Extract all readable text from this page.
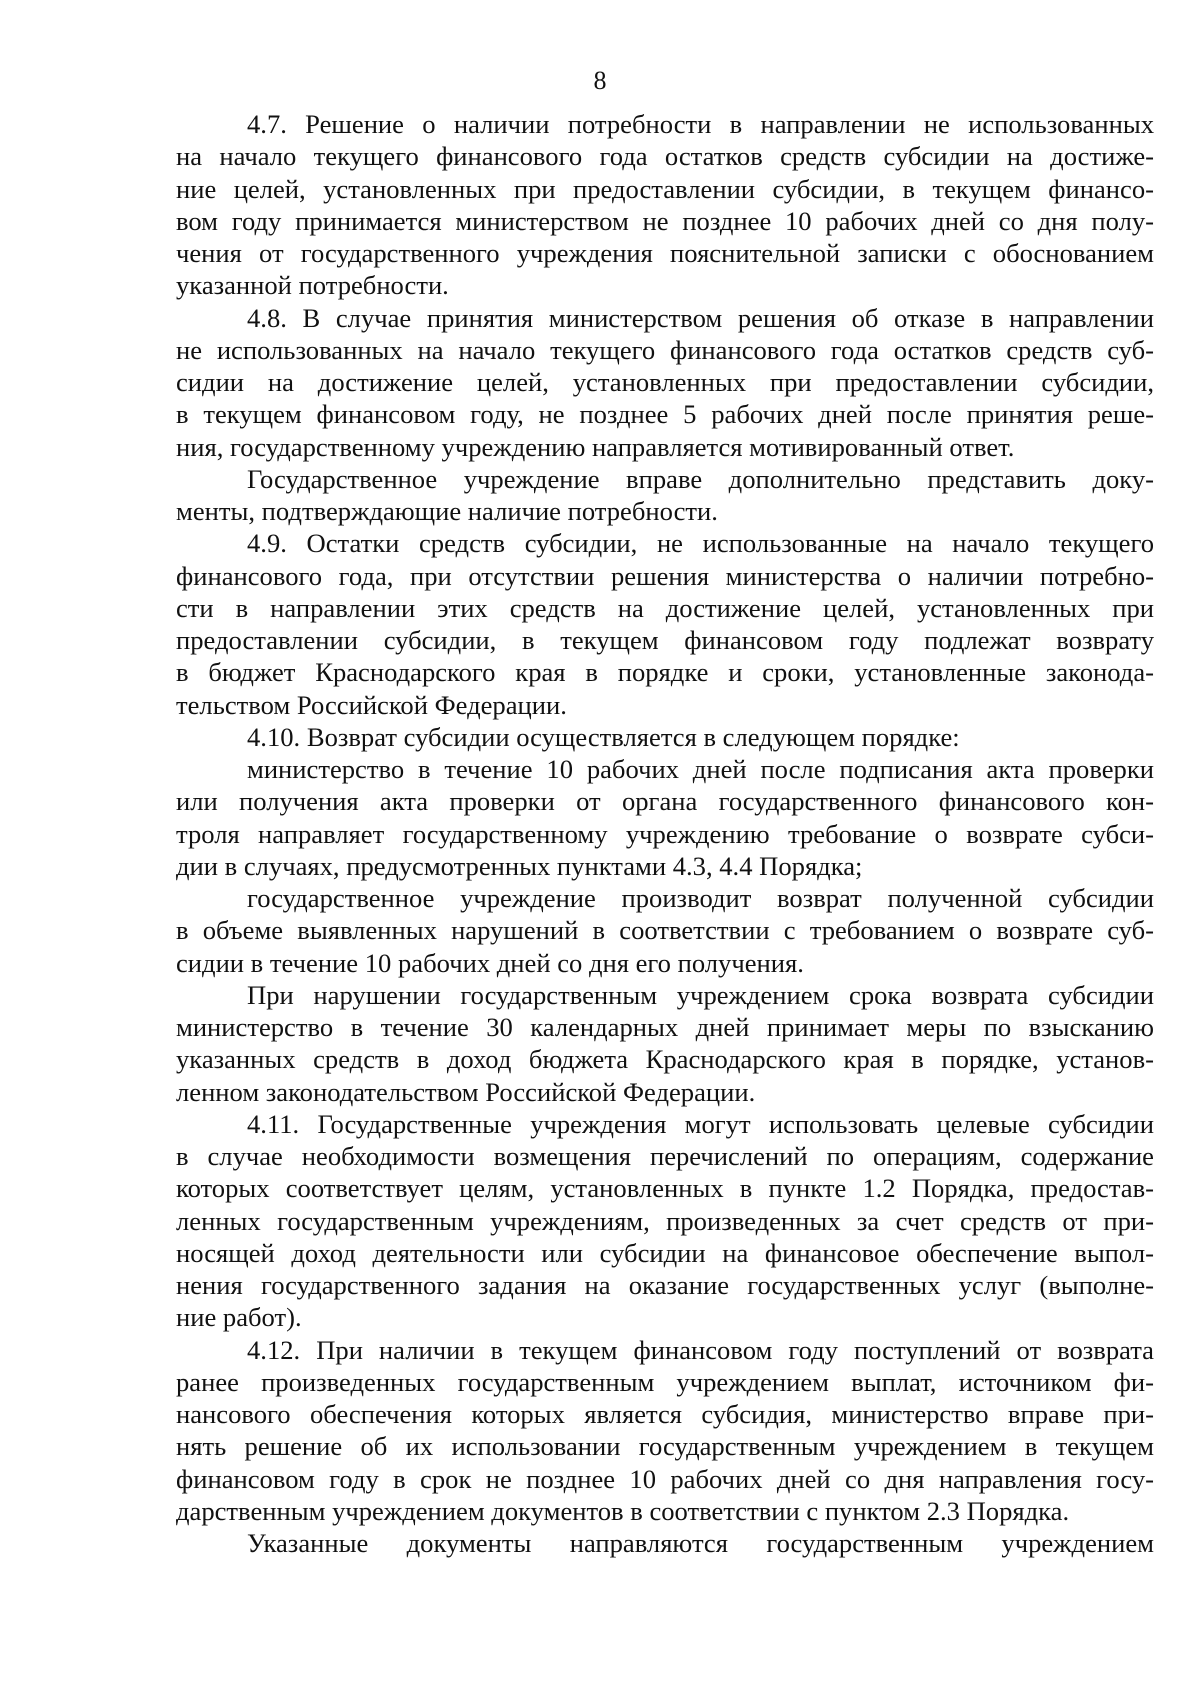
8
4.7. Решение о наличии потребности в направлении не использованных
на начало текущего финансового года остатков средств субсидии на достиже-
ние целей, установленных при предоставлении субсидии, в текущем финансо-
вом году принимается министерством не позднее 10 рабочих дней со дня полу-
чения от государственного учреждения пояснительной записки с обоснованием
указанной потребности.
4.8. В случае принятия министерством решения об отказе в направлении
не использованных на начало текущего финансового года остатков средств суб-
сидии на достижение целей, установленных при предоставлении субсидии,
в текущем финансовом году, не позднее 5 рабочих дней после принятия реше-
ния, государственному учреждению направляется мотивированный ответ.
Государственное учреждение вправе дополнительно представить доку-
менты, подтверждающие наличие потребности.
4.9. Остатки средств субсидии, не использованные на начало текущего
финансового года, при отсутствии решения министерства о наличии потребно-
сти в направлении этих средств на достижение целей, установленных при
предоставлении субсидии, в текущем финансовом году подлежат возврату
в бюджет Краснодарского края в порядке и сроки, установленные законода-
тельством Российской Федерации.
4.10. Возврат субсидии осуществляется в следующем порядке:
министерство в течение 10 рабочих дней после подписания акта проверки
или получения акта проверки от органа государственного финансового кон-
троля направляет государственному учреждению требование о возврате субси-
дии в случаях, предусмотренных пунктами 4.3, 4.4 Порядка;
государственное учреждение производит возврат полученной субсидии
в объеме выявленных нарушений в соответствии с требованием о возврате суб-
сидии в течение 10 рабочих дней со дня его получения.
При нарушении государственным учреждением срока возврата субсидии
министерство в течение 30 календарных дней принимает меры по взысканию
указанных средств в доход бюджета Краснодарского края в порядке, установ-
ленном законодательством Российской Федерации.
4.11. Государственные учреждения могут использовать целевые субсидии
в случае необходимости возмещения перечислений по операциям, содержание
которых соответствует целям, установленных в пункте 1.2 Порядка, предостав-
ленных государственным учреждениям, произведенных за счет средств от при-
носящей доход деятельности или субсидии на финансовое обеспечение выпол-
нения государственного задания на оказание государственных услуг (выполне-
ние работ).
4.12. При наличии в текущем финансовом году поступлений от возврата
ранее произведенных государственным учреждением выплат, источником фи-
нансового обеспечения которых является субсидия, министерство вправе при-
нять решение об их использовании государственным учреждением в текущем
финансовом году в срок не позднее 10 рабочих дней со дня направления госу-
дарственным учреждением документов в соответствии с пунктом 2.3 Порядка.
Указанные документы направляются государственным учреждением
